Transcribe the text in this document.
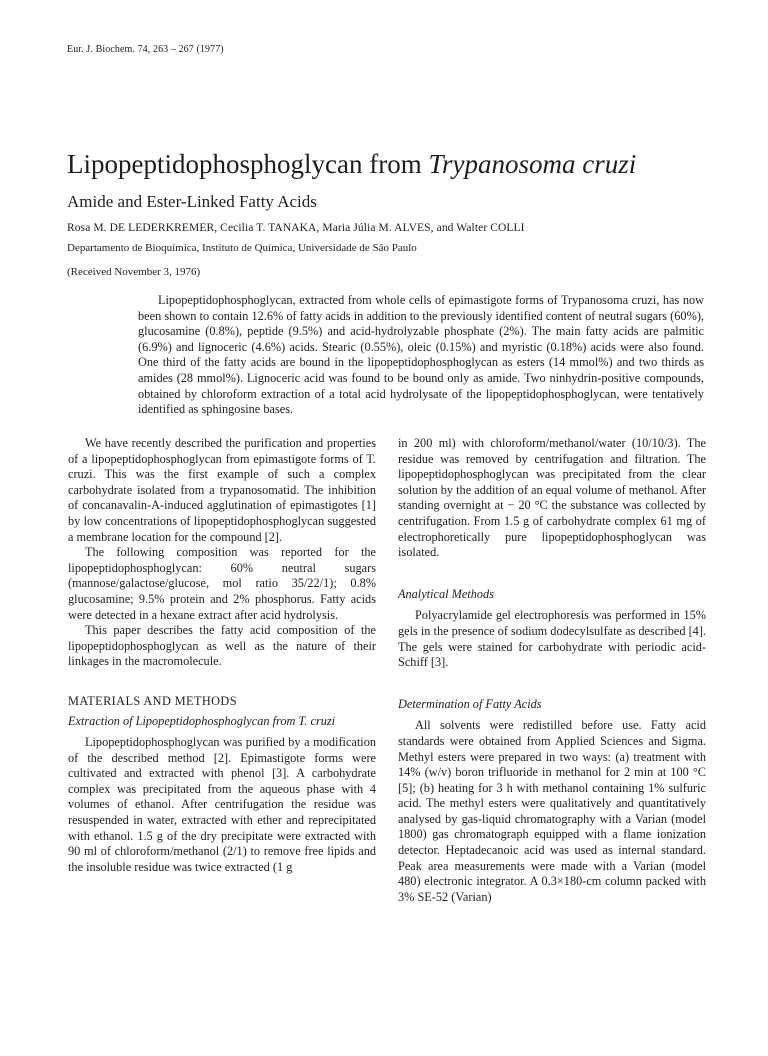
Eur. J. Biochem. 74, 263 – 267 (1977)
Lipopeptidophosphoglycan from Trypanosoma cruzi
Amide and Ester-Linked Fatty Acids
Rosa M. DE LEDERKREMER, Cecilia T. TANAKA, Maria Júlia M. ALVES, and Walter COLLI
Departamento de Bioquímica, Instituto de Química, Universidade de São Paulo
(Received November 3, 1976)
Lipopeptidophosphoglycan, extracted from whole cells of epimastigote forms of Trypanosoma cruzi, has now been shown to contain 12.6% of fatty acids in addition to the previously identified content of neutral sugars (60%), glucosamine (0.8%), peptide (9.5%) and acid-hydrolyzable phosphate (2%). The main fatty acids are palmitic (6.9%) and lignoceric (4.6%) acids. Stearic (0.55%), oleic (0.15%) and myristic (0.18%) acids were also found. One third of the fatty acids are bound in the lipopeptidophosphoglycan as esters (14 mmol%) and two thirds as amides (28 mmol%). Lignoceric acid was found to be bound only as amide. Two ninhydrin-positive compounds, obtained by chloroform extraction of a total acid hydrolysate of the lipopeptidophosphoglycan, were tentatively identified as sphingosine bases.

We have recently described the purification and properties of a lipopeptidophosphoglycan from epimastigote forms of T. cruzi. This was the first example of such a complex carbohydrate isolated from a trypanosomatid. The inhibition of concanavalin-A-induced agglutination of epimastigotes [1] by low concentrations of lipopeptidophosphoglycan suggested a membrane location for the compound [2].

The following composition was reported for the lipopeptidophosphoglycan: 60% neutral sugars (mannose/galactose/glucose, mol ratio 35/22/1); 0.8% glucosamine; 9.5% protein and 2% phosphorus. Fatty acids were detected in a hexane extract after acid hydrolysis.

This paper describes the fatty acid composition of the lipopeptidophosphoglycan as well as the nature of their linkages in the macromolecule.

MATERIALS AND METHODS
Extraction of Lipopeptidophosphoglycan from T. cruzi

Lipopeptidophosphoglycan was purified by a modification of the described method [2]. Epimastigote forms were cultivated and extracted with phenol [3]. A carbohydrate complex was precipitated from the aqueous phase with 4 volumes of ethanol. After centrifugation the residue was resuspended in water, extracted with ether and reprecipitated with ethanol. 1.5 g of the dry precipitate were extracted with 90 ml of chloroform/methanol (2/1) to remove free lipids and the insoluble residue was twice extracted (1 g

in 200 ml) with chloroform/methanol/water (10/10/3). The residue was removed by centrifugation and filtration. The lipopeptidophosphoglycan was precipitated from the clear solution by the addition of an equal volume of methanol. After standing overnight at − 20 °C the substance was collected by centrifugation. From 1.5 g of carbohydrate complex 61 mg of electrophoretically pure lipopeptidophosphoglycan was isolated.

Analytical Methods

Polyacrylamide gel electrophoresis was performed in 15% gels in the presence of sodium dodecylsulfate as described [4]. The gels were stained for carbohydrate with periodic acid-Schiff [3].

Determination of Fatty Acids

All solvents were redistilled before use. Fatty acid standards were obtained from Applied Sciences and Sigma. Methyl esters were prepared in two ways: (a) treatment with 14% (w/v) boron trifluoride in methanol for 2 min at 100 °C [5]; (b) heating for 3 h with methanol containing 1% sulfuric acid. The methyl esters were qualitatively and quantitatively analysed by gas-liquid chromatography with a Varian (model 1800) gas chromatograph equipped with a flame ionization detector. Heptadecanoic acid was used as internal standard. Peak area measurements were made with a Varian (model 480) electronic integrator. A 0.3×180-cm column packed with 3% SE-52 (Varian)
